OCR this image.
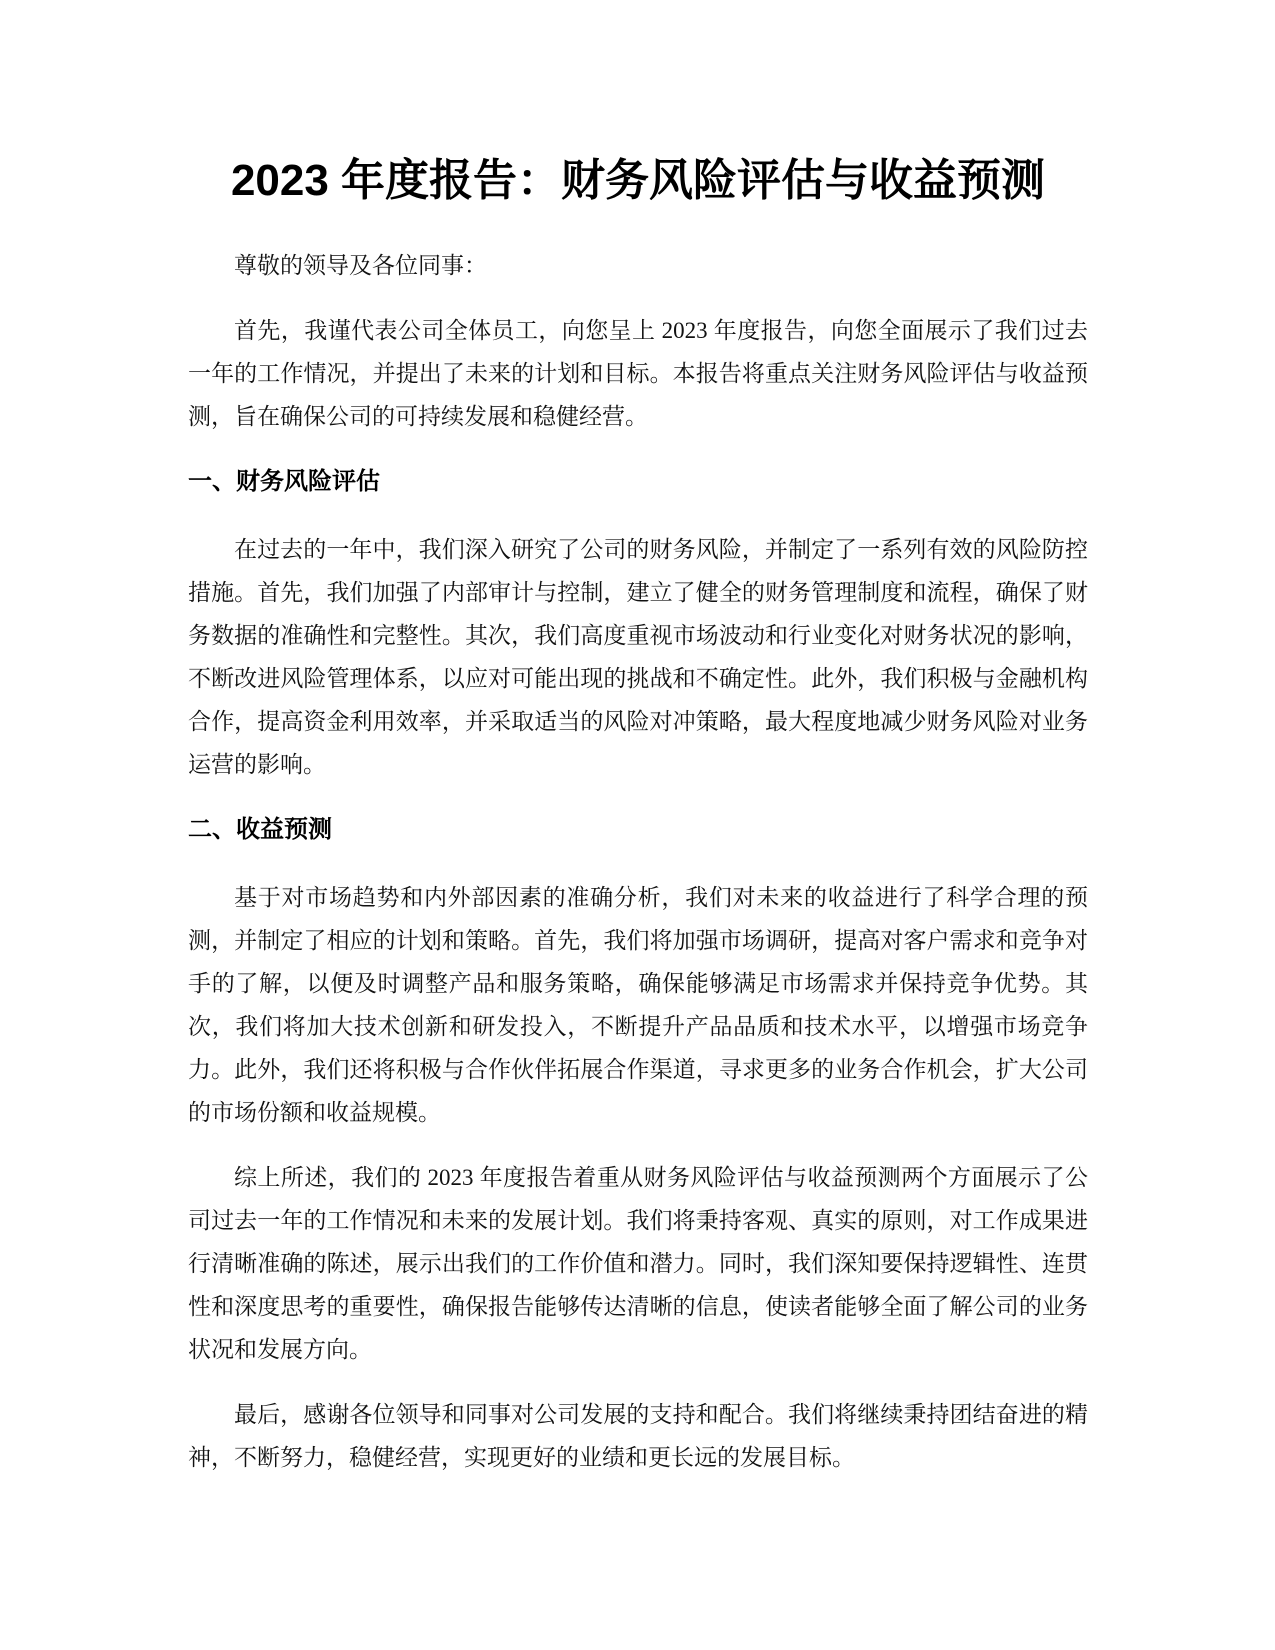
2023 年度报告：财务风险评估与收益预测

尊敬的领导及各位同事：

首先，我谨代表公司全体员工，向您呈上 2023 年度报告，向您全面展示了我们过去一年的工作情况，并提出了未来的计划和目标。本报告将重点关注财务风险评估与收益预测，旨在确保公司的可持续发展和稳健经营。

一、财务风险评估

在过去的一年中，我们深入研究了公司的财务风险，并制定了一系列有效的风险防控措施。首先，我们加强了内部审计与控制，建立了健全的财务管理制度和流程，确保了财务数据的准确性和完整性。其次，我们高度重视市场波动和行业变化对财务状况的影响，不断改进风险管理体系，以应对可能出现的挑战和不确定性。此外，我们积极与金融机构合作，提高资金利用效率，并采取适当的风险对冲策略，最大程度地减少财务风险对业务运营的影响。

二、收益预测

基于对市场趋势和内外部因素的准确分析，我们对未来的收益进行了科学合理的预测，并制定了相应的计划和策略。首先，我们将加强市场调研，提高对客户需求和竞争对手的了解，以便及时调整产品和服务策略，确保能够满足市场需求并保持竞争优势。其次，我们将加大技术创新和研发投入，不断提升产品品质和技术水平，以增强市场竞争力。此外，我们还将积极与合作伙伴拓展合作渠道，寻求更多的业务合作机会，扩大公司的市场份额和收益规模。

综上所述，我们的 2023 年度报告着重从财务风险评估与收益预测两个方面展示了公司过去一年的工作情况和未来的发展计划。我们将秉持客观、真实的原则，对工作成果进行清晰准确的陈述，展示出我们的工作价值和潜力。同时，我们深知要保持逻辑性、连贯性和深度思考的重要性，确保报告能够传达清晰的信息，使读者能够全面了解公司的业务状况和发展方向。

最后，感谢各位领导和同事对公司发展的支持和配合。我们将继续秉持团结奋进的精神，不断努力，稳健经营，实现更好的业绩和更长远的发展目标。
